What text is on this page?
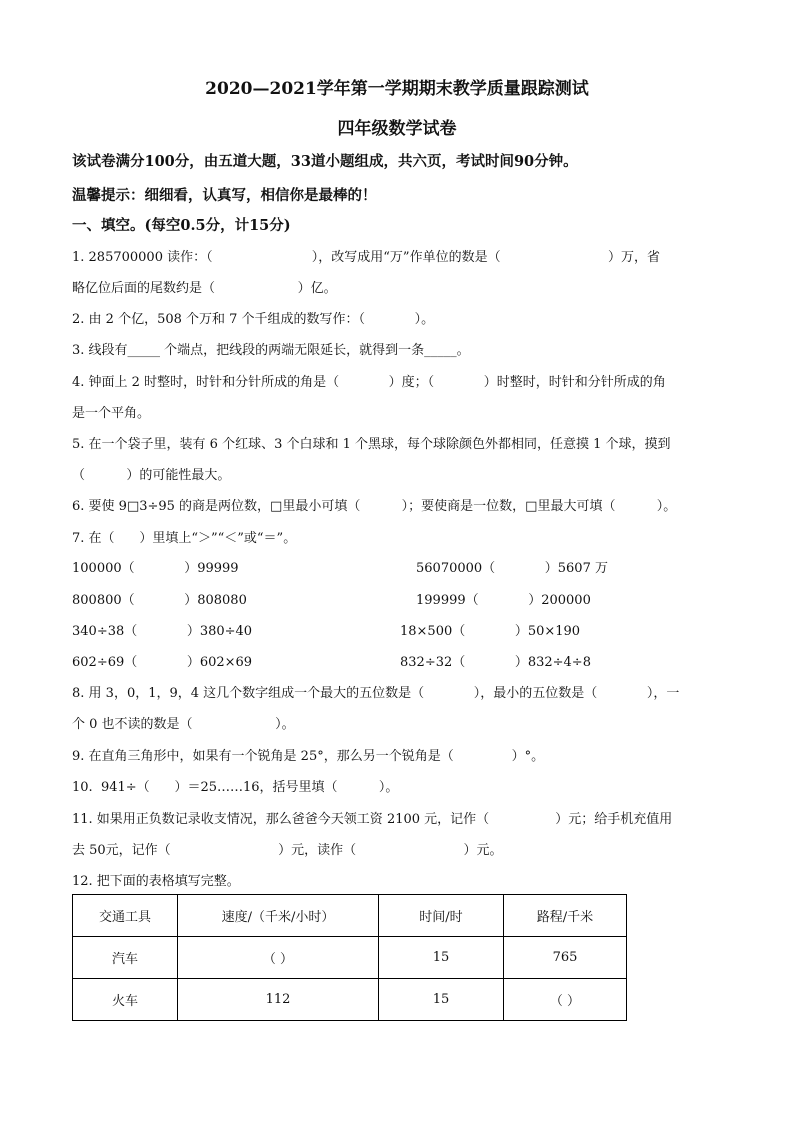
2020—2021学年第一学期期末教学质量跟踪测试
四年级数学试卷
该试卷满分100分，由五道大题，33道小题组成，共六页，考试时间90分钟。
温馨提示：细细看，认真写，相信你是最棒的！
一、填空。(每空0.5分，计15分)
1. 285700000 读作：（                        ），改写成用“万”作单位的数是（                          ）万，省
略亿位后面的尾数约是（                    ）亿。
2. 由 2 个亿，508 个万和 7 个千组成的数写作：（            ）。
3. 线段有_____ 个端点，把线段的两端无限延长，就得到一条_____。
4. 钟面上 2 时整时，时针和分针所成的角是（            ）度；（            ）时整时，时针和分针所成的角
是一个平角。
5. 在一个袋子里，装有 6 个红球、3 个白球和 1 个黑球，每个球除颜色外都相同，任意摸 1 个球，摸到
（          ）的可能性最大。
6. 要使 9□3÷95 的商是两位数，□里最小可填（          ）；要使商是一位数，□里最大可填（          ）。
7. 在（      ）里填上“＞”“＜”或“＝”。
100000（            ）99999	56070000（            ）5607 万
800800（            ）808080	199999（            ）200000
340÷38（            ）380÷40	18×500（            ）50×190
602÷69（            ）602×69	832÷32（            ）832÷4÷8
8. 用 3，0，1，9，4 这几个数字组成一个最大的五位数是（            ），最小的五位数是（            ），一
个 0 也不读的数是（                    ）。
9. 在直角三角形中，如果有一个锐角是 25°，那么另一个锐角是（              ）°。
10.  941÷（      ）＝25……16，括号里填（          ）。
11. 如果用正负数记录收支情况，那么爸爸今天领工资 2100 元，记作（                ）元；给手机充值用
去 50元，记作（                          ）元，读作（                          ）元。
12. 把下面的表格填写完整。
交通工具	速度/（千米/小时）	时间/时	路程/千米
汽车	（ ）	15	765
火车	112	15	（ ）
